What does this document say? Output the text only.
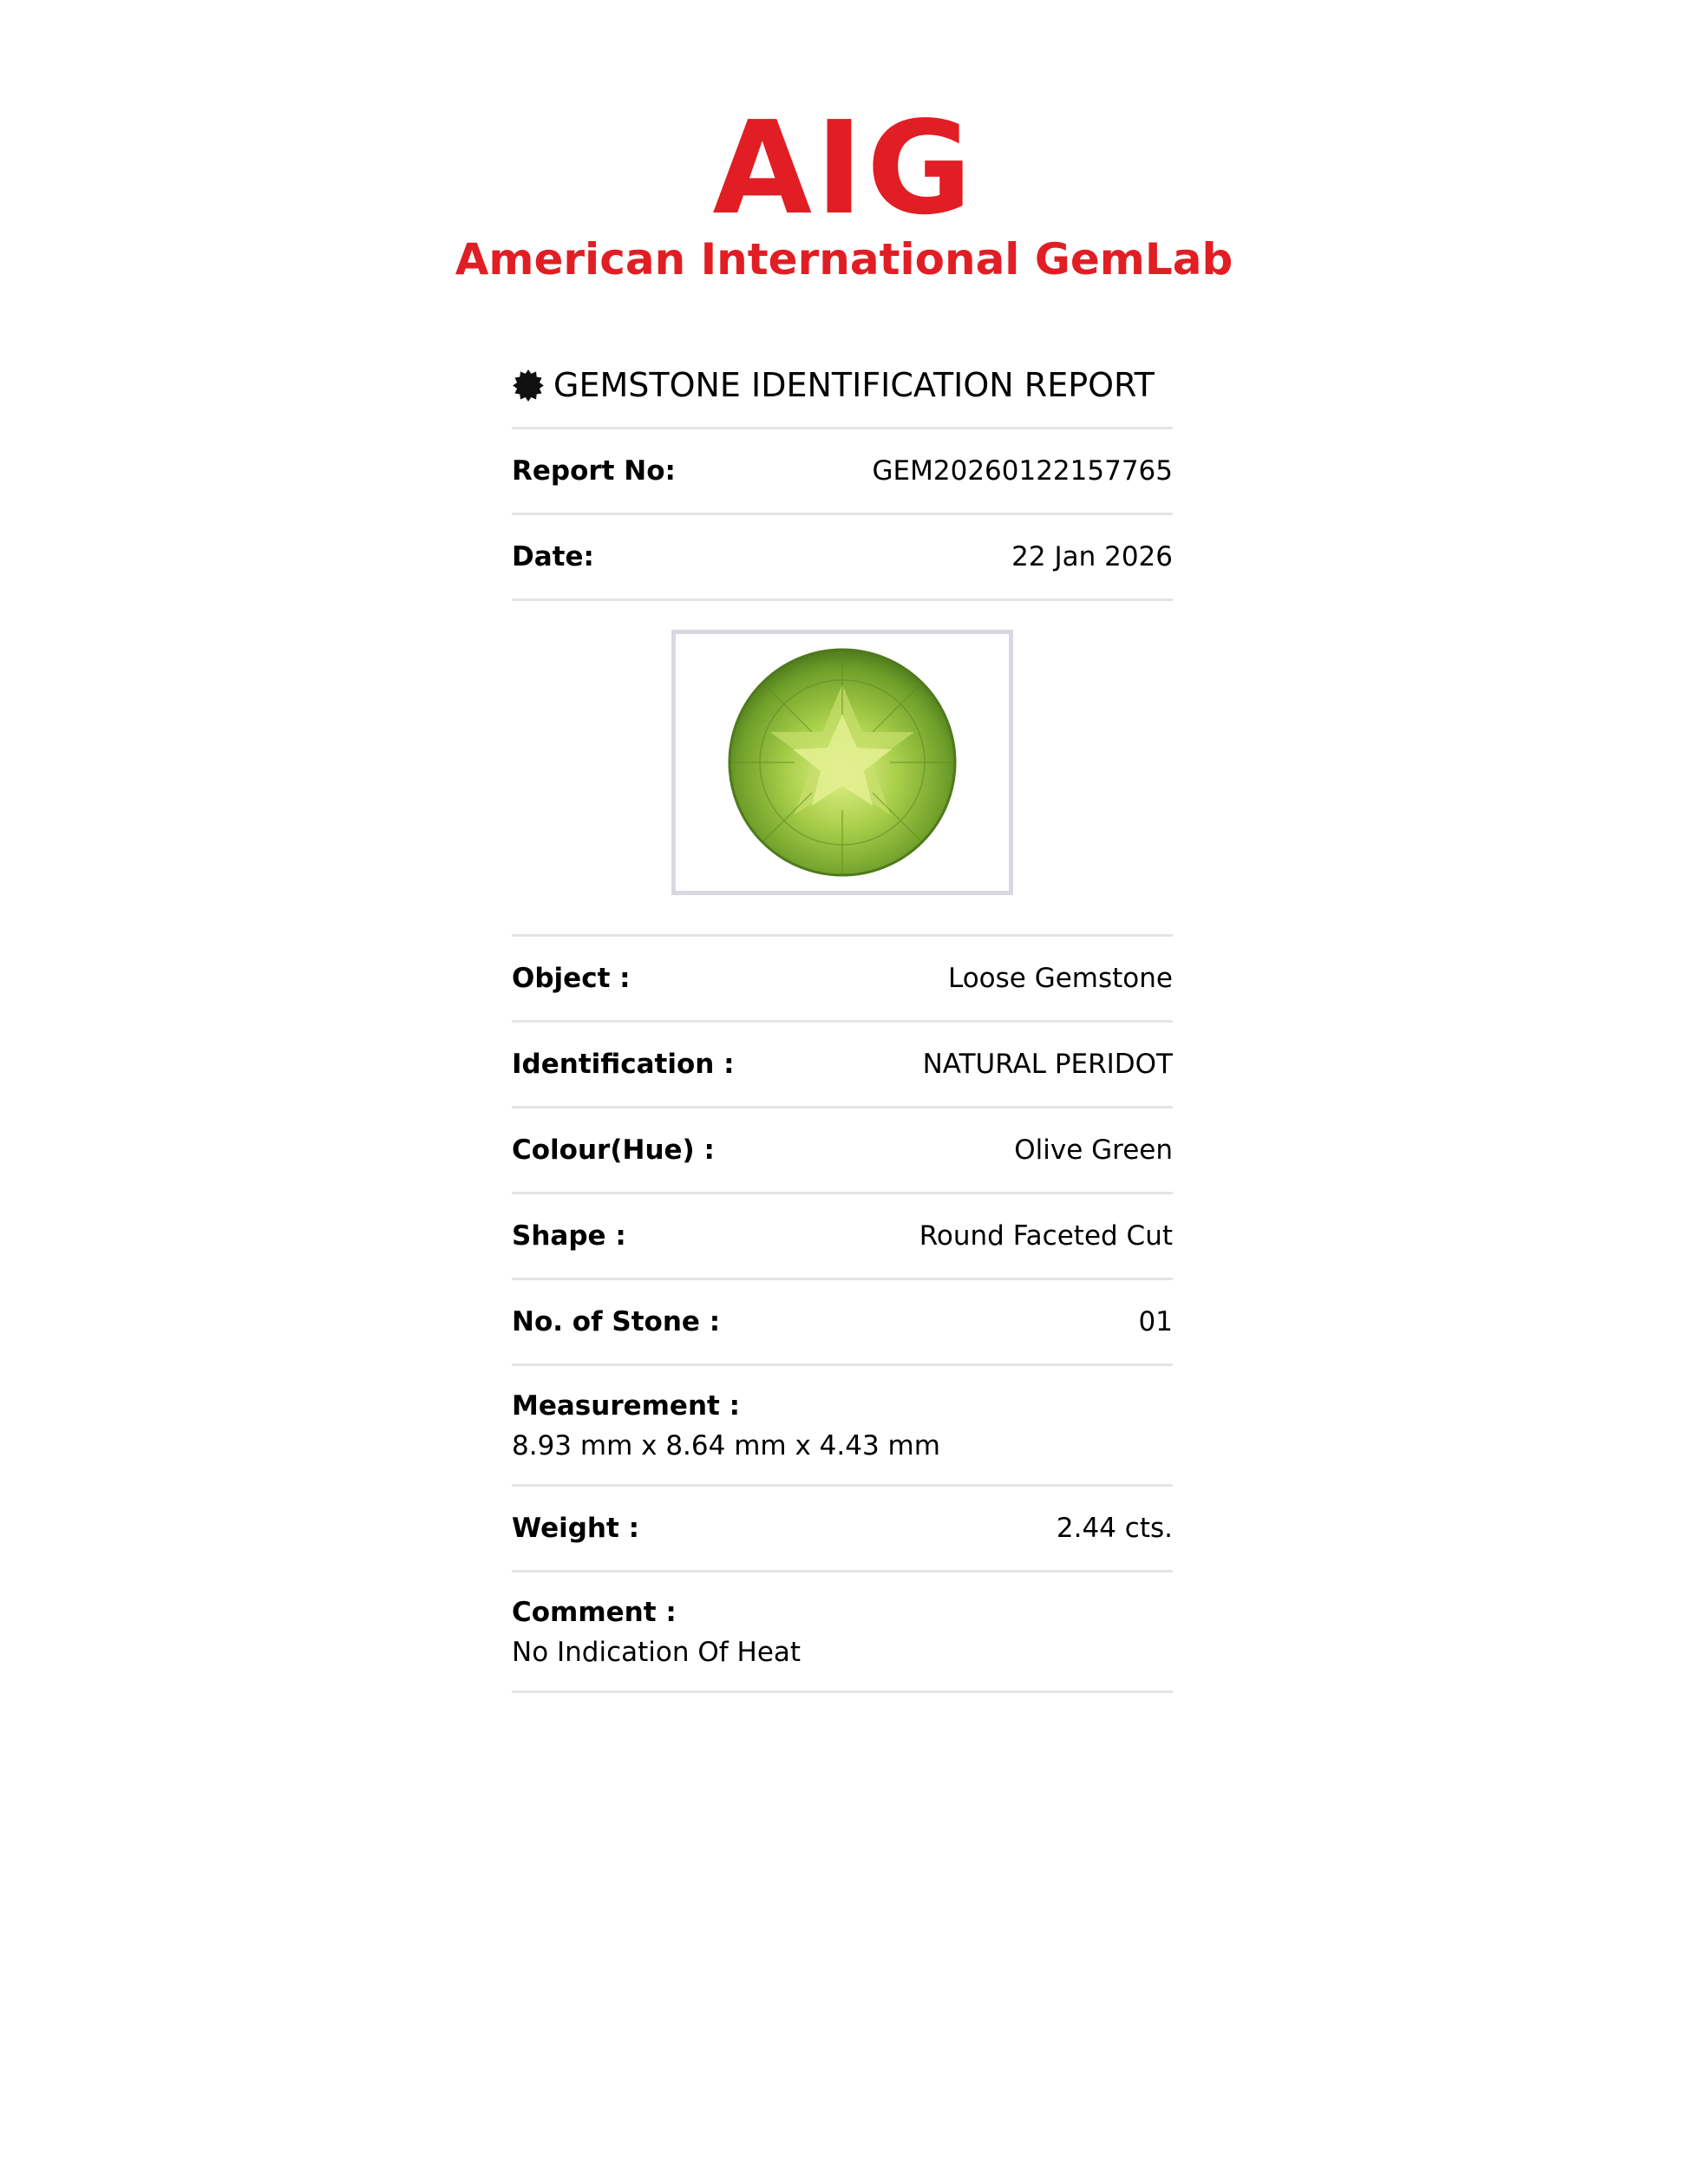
AIG
American International GemLab
GEMSTONE IDENTIFICATION REPORT
Report No:	GEM20260122157765
Date:	22 Jan 2026
Object :	Loose Gemstone
Identification :	NATURAL PERIDOT
Colour(Hue) :	Olive Green
Shape :	Round Faceted Cut
No. of Stone :	01
Measurement :
8.93 mm x 8.64 mm x 4.43 mm
Weight :	2.44 cts.
Comment :
No Indication Of Heat
